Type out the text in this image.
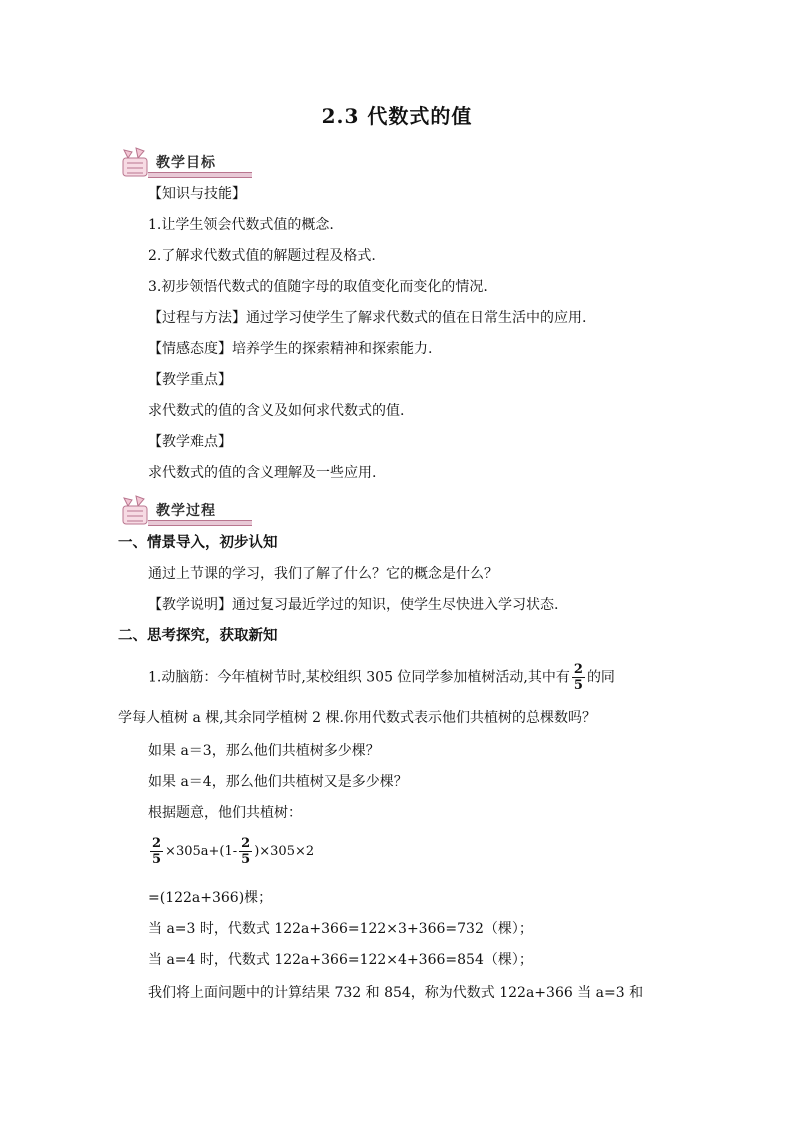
2.3 代数式的值
教学目标
【知识与技能】
1.让学生领会代数式值的概念.
2.了解求代数式值的解题过程及格式.
3.初步领悟代数式的值随字母的取值变化而变化的情况.
【过程与方法】通过学习使学生了解求代数式的值在日常生活中的应用.
【情感态度】培养学生的探索精神和探索能力.
【教学重点】
求代数式的值的含义及如何求代数式的值.
【教学难点】
求代数式的值的含义理解及一些应用.
教学过程
一、情景导入，初步认知
通过上节课的学习，我们了解了什么？它的概念是什么？
【教学说明】通过复习最近学过的知识，使学生尽快进入学习状态.
二、思考探究，获取新知
1.动脑筋：今年植树节时,某校组织 305 位同学参加植树活动,其中有 $\frac{2}{5}$ 的同
学每人植树 a 棵,其余同学植树 2 棵.你用代数式表示他们共植树的总棵数吗？
如果 a＝3，那么他们共植树多少棵？
如果 a＝4，那么他们共植树又是多少棵？
根据题意，他们共植树：
$\frac{2}{5} \times 305a+(1- \frac{2}{5} )\times 305\times 2$
=(122a+366)棵；
当 a=3 时，代数式 122a+366=122×3+366=732（棵）；
当 a=4 时，代数式 122a+366=122×4+366=854（棵）；
我们将上面问题中的计算结果 732 和 854，称为代数式 122a+366 当 a=3 和
